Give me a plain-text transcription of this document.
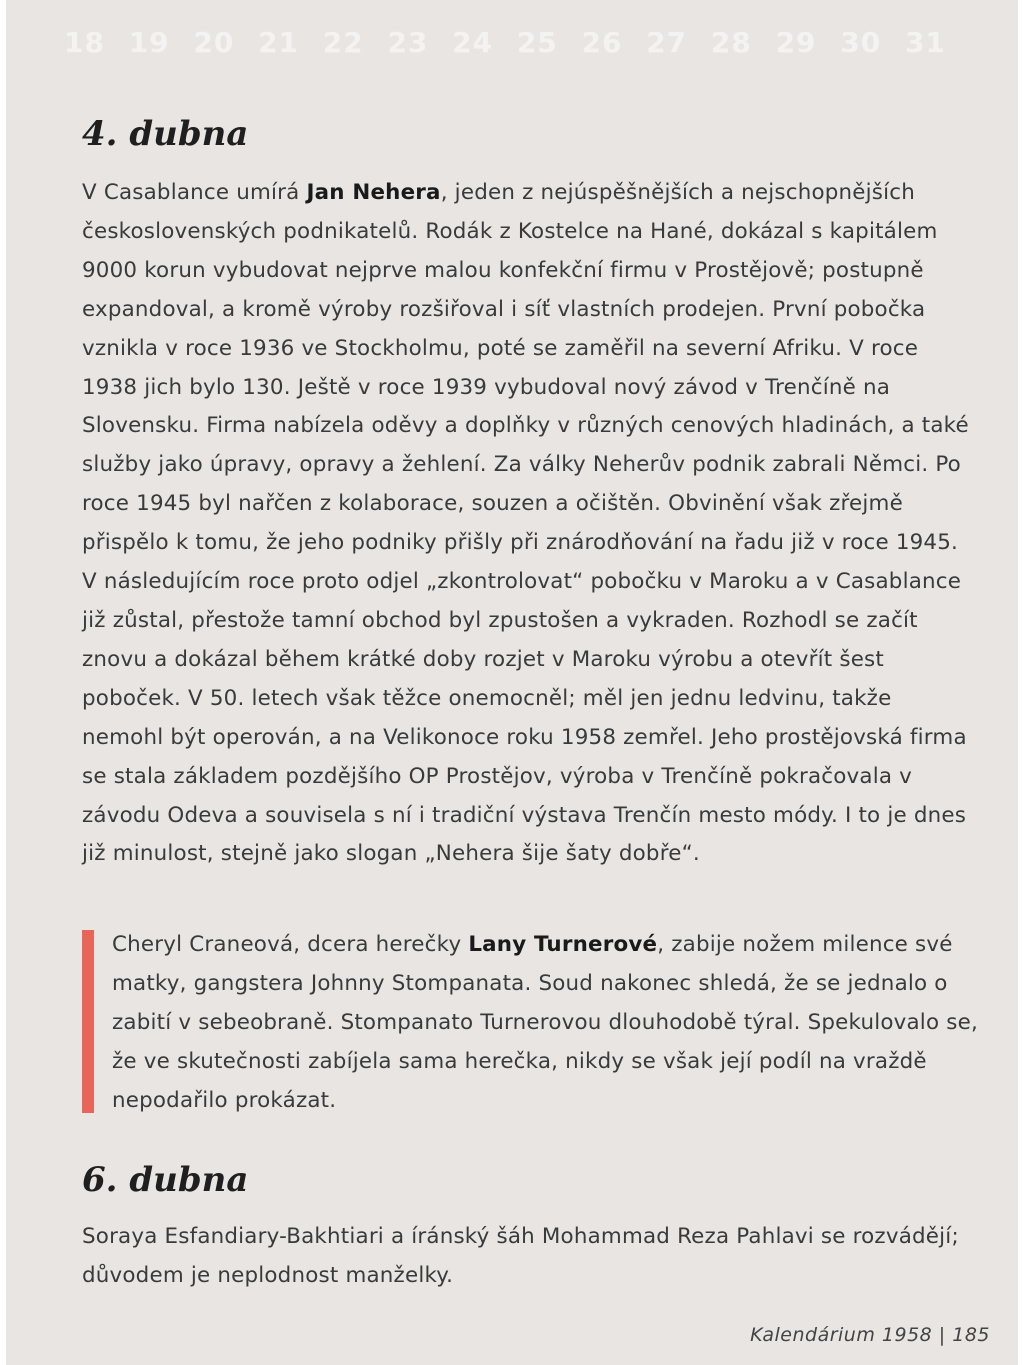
18 19 20 21 22 23 24 25 26 27 28 29 30 31
4. dubna

V Casablance umírá Jan Nehera, jeden z nejúspěšnějších a nejschopnějších československých podnikatelů. Rodák z Kostelce na Hané, dokázal s kapitálem 9000 korun vybudovat nejprve malou konfekční firmu v Prostějově; postupně expandoval, a kromě výroby rozšiřoval i síť vlastních prodejen. První pobočka vznikla v roce 1936 ve Stockholmu, poté se zaměřil na severní Afriku. V roce 1938 jich bylo 130. Ještě v roce 1939 vybudoval nový závod v Trenčíně na Slovensku. Firma nabízela oděvy a doplňky v různých cenových hladinách, a také služby jako úpravy, opravy a žehlení. Za války Neherův podnik zabrali Němci. Po roce 1945 byl nařčen z kolaborace, souzen a očištěn. Obvinění však zřejmě přispělo k tomu, že jeho podniky přišly při znárodňování na řadu již v roce 1945. V následujícím roce proto odjel „zkontrolovat“ pobočku v Maroku a v Casablance již zůstal, přestože tamní obchod byl zpustošen a vykraden. Rozhodl se začít znovu a dokázal během krátké doby rozjet v Maroku výrobu a otevřít šest poboček. V 50. letech však těžce onemocněl; měl jen jednu ledvinu, takže nemohl být operován, a na Velikonoce roku 1958 zemřel. Jeho prostějovská firma se stala základem pozdějšího OP Prostějov, výroba v Trenčíně pokračovala v závodu Odeva a souvisela s ní i tradiční výstava Trenčín mesto módy. I to je dnes již minulost, stejně jako slogan „Nehera šije šaty dobře“.

Cheryl Craneová, dcera herečky Lany Turnerové, zabije nožem milence své matky, gangstera Johnny Stompanata. Soud nakonec shledá, že se jednalo o zabití v sebeobraně. Stompanato Turnerovou dlouhodobě týral. Spekulovalo se, že ve skutečnosti zabíjela sama herečka, nikdy se však její podíl na vraždě nepodařilo prokázat.

6. dubna

Soraya Esfandiary-Bakhtiari a íránský šáh Mohammad Reza Pahlavi se rozvádějí; důvodem je neplodnost manželky.

Kalendárium 1958 | 185
